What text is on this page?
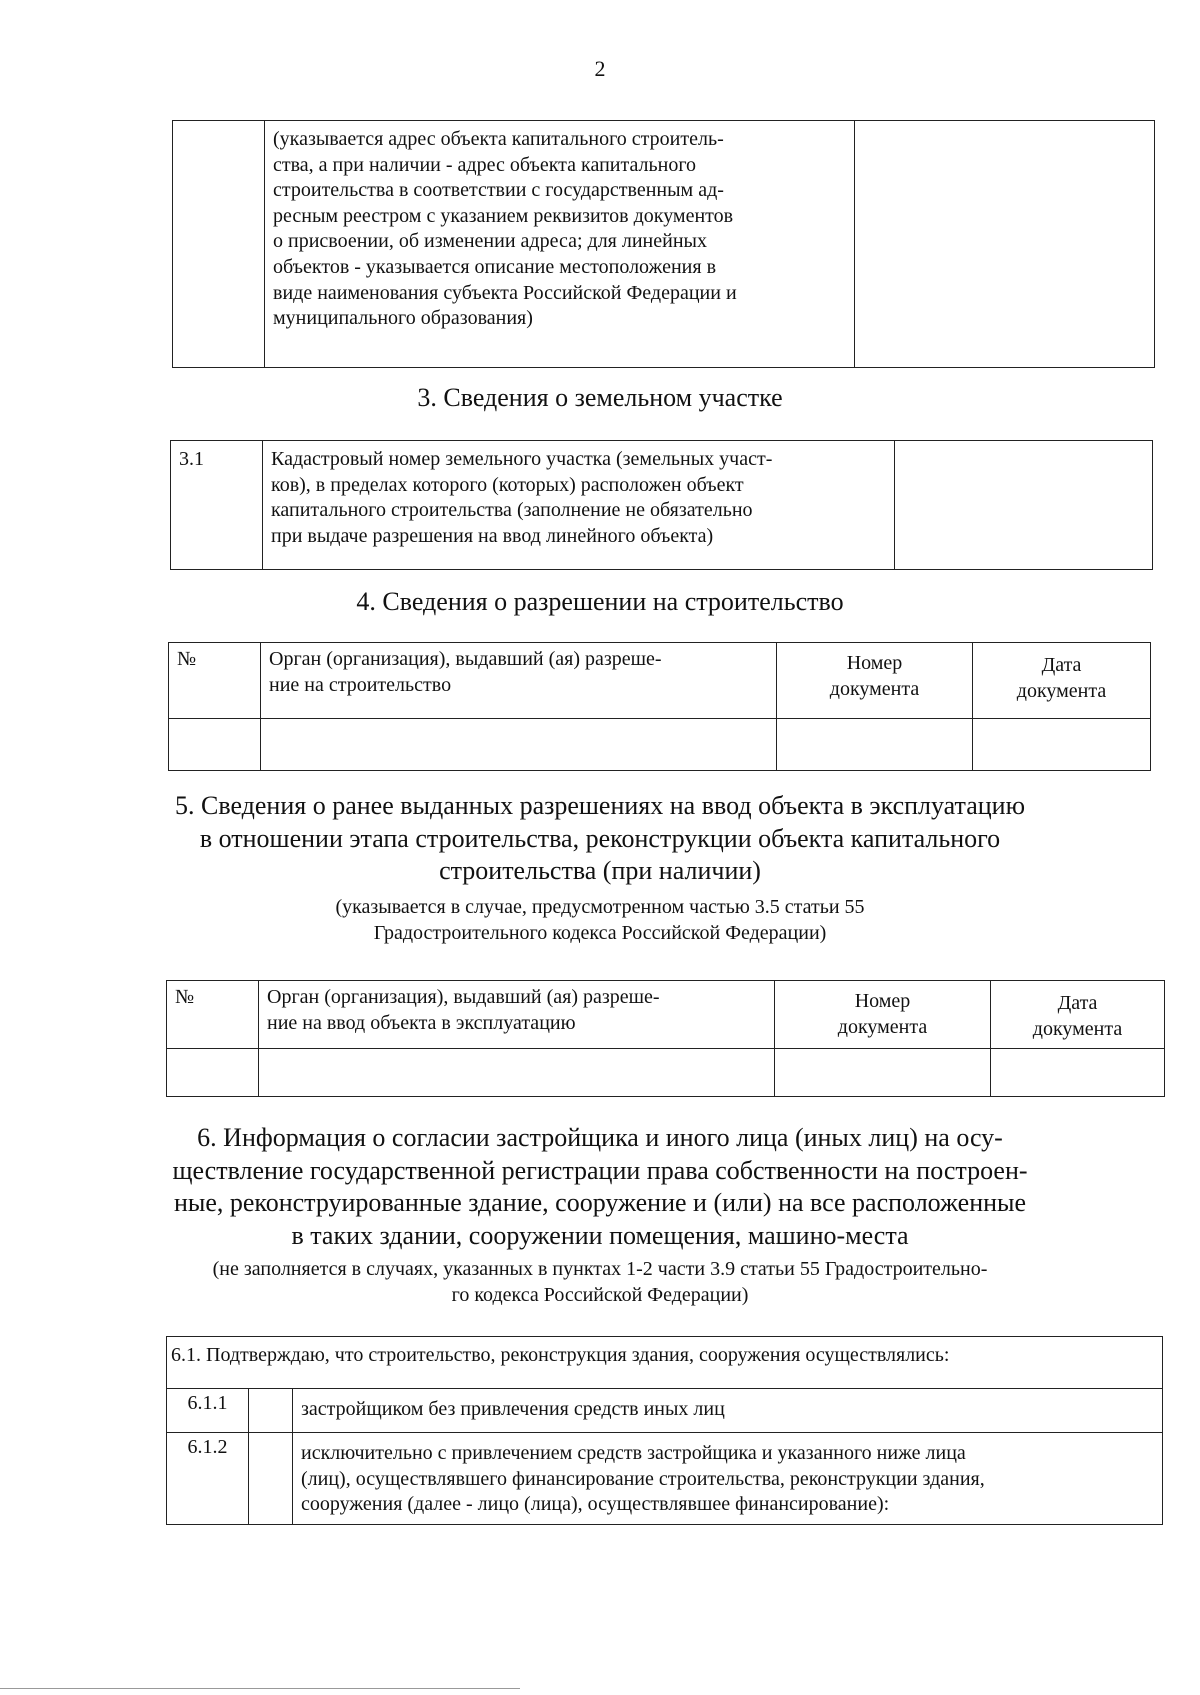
2
	(указывается адрес объекта капитального строитель-
ства, а при наличии - адрес объекта капитального
строительства в соответствии с государственным ад-
ресным реестром с указанием реквизитов документов
о присвоении, об изменении адреса; для линейных
объектов - указывается описание местоположения в
виде наименования субъекта Российской Федерации и
муниципального образования)	
3. Сведения о земельном участке
3.1	Кадастровый номер земельного участка (земельных участ-
ков), в пределах которого (которых) расположен объект
капитального строительства (заполнение не обязательно
при выдаче разрешения на ввод линейного объекта)	
4. Сведения о разрешении на строительство
№	Орган (организация), выдавший (ая) разреше-
ние на строительство	Номер
документа	Дата
документа

5. Сведения о ранее выданных разрешениях на ввод объекта в эксплуатацию
в отношении этапа строительства, реконструкции объекта капитального
строительства (при наличии)
(указывается в случае, предусмотренном частью 3.5 статьи 55
Градостроительного кодекса Российской Федерации)
№	Орган (организация), выдавший (ая) разреше-
ние на ввод объекта в эксплуатацию	Номер
документа	Дата
документа

6. Информация о согласии застройщика и иного лица (иных лиц) на осу-
ществление государственной регистрации права собственности на построен-
ные, реконструированные здание, сооружение и (или) на все расположенные
в таких здании, сооружении помещения, машино-места
(не заполняется в случаях, указанных в пунктах 1-2 части 3.9 статьи 55 Градостроительно-
го кодекса Российской Федерации)
6.1. Подтверждаю, что строительство, реконструкция здания, сооружения осуществлялись:		
6.1.1		застройщиком без привлечения средств иных лиц
6.1.2		исключительно с привлечением средств застройщика и указанного ниже лица
(лиц), осуществлявшего финансирование строительства, реконструкции здания,
сооружения (далее - лицо (лица), осуществлявшее финансирование):
